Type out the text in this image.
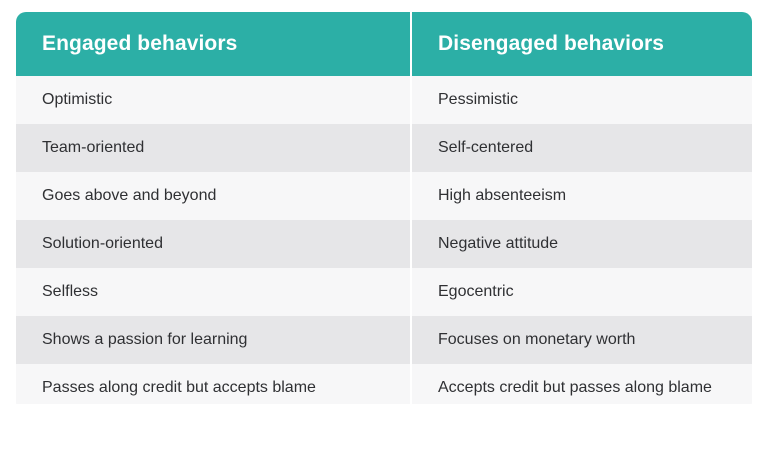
Engaged behaviors	Disengaged behaviors
Optimistic	Pessimistic
Team-oriented	Self-centered
Goes above and beyond	High absenteeism
Solution-oriented	Negative attitude
Selfless	Egocentric
Shows a passion for learning	Focuses on monetary worth
Passes along credit but accepts blame	Accepts credit but passes along blame
